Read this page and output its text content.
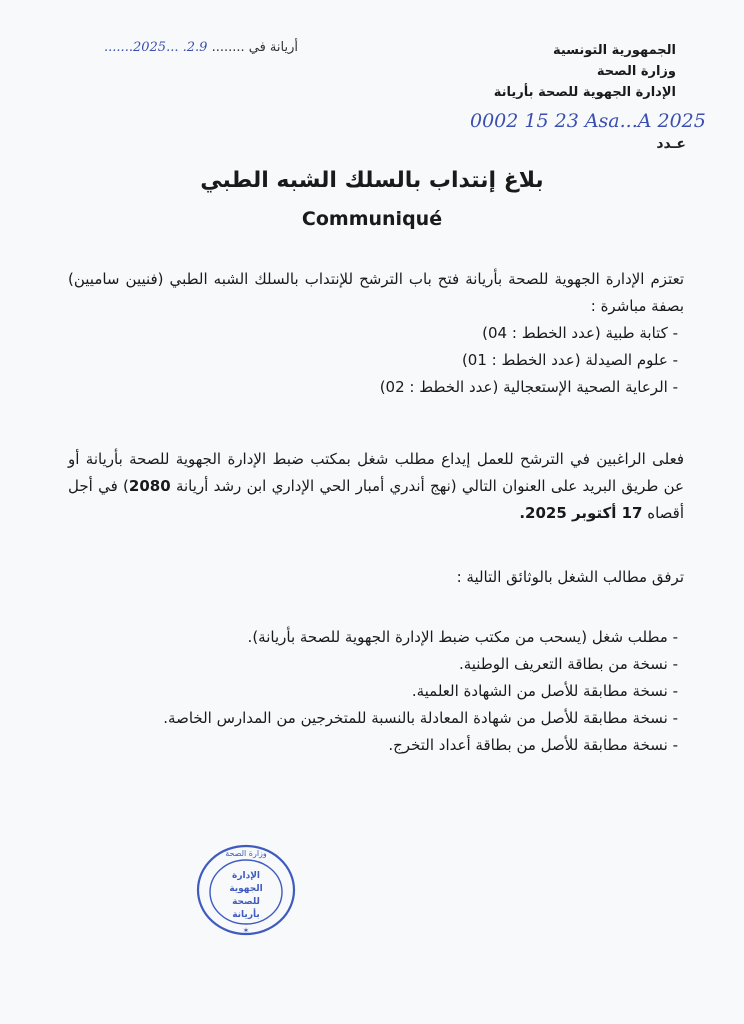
الجمهورية التونسية
وزارة الصحة
الإدارة الجهوية للصحة بأريانة
أريانة في ........ 2.9. ...2025.......
0002 15 23 Asa...A 2025
عـدد
بلاغ إنتداب بالسلك الشبه الطبي
Communiqué

تعتزم الإدارة الجهوية للصحة بأريانة فتح باب الترشح للإنتداب بالسلك الشبه الطبي (فنيين ساميين) بصفة مباشرة :

- كتابة طبية (عدد الخطط : 04)

- علوم الصيدلة (عدد الخطط : 01)

- الرعاية الصحية الإستعجالية (عدد الخطط : 02)

فعلى الراغبين في الترشح للعمل إيداع مطلب شغل بمكتب ضبط الإدارة الجهوية للصحة بأريانة أو عن طريق البريد على العنوان التالي (نهج أندري أمبار الحي الإداري ابن رشد أريانة 2080) في أجل أقصاه 17 أكتوبر 2025.

ترفق مطالب الشغل بالوثائق التالية :

- مطلب شغل (يسحب من مكتب ضبط الإدارة الجهوية للصحة بأريانة).

- نسخة من بطاقة التعريف الوطنية.

- نسخة مطابقة للأصل من الشهادة العلمية.

- نسخة مطابقة للأصل من شهادة المعادلة بالنسبة للمتخرجين من المدارس الخاصة.

- نسخة مطابقة للأصل من بطاقة أعداد التخرج.

وزارة الصحة
الإدارة
الجهوية
للصحة
بأريانة
✶
